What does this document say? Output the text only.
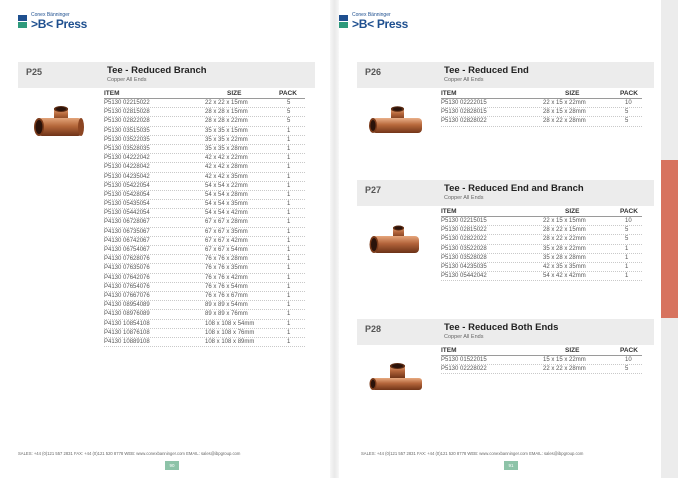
Conex Bänninger
>B< Press
P25	Tee - Reduced Branch
Copper All Ends
ITEM	SIZE	PACK
P5130 02215022	22 x 22 x 15mm	5
P5130 02815028	28 x 28 x 15mm	5
P5130 02822028	28 x 28 x 22mm	5
P5130 03515035	35 x 35 x 15mm	1
P5130 03522035	35 x 35 x 22mm	1
P5130 03528035	35 x 35 x 28mm	1
P5130 04222042	42 x 42 x 22mm	1
P5130 04228042	42 x 42 x 28mm	1
P5130 04235042	42 x 42 x 35mm	1
P5130 05422054	54 x 54 x 22mm	1
P5130 05428054	54 x 54 x 28mm	1
P5130 05435054	54 x 54 x 35mm	1
P5130 05442054	54 x 54 x 42mm	1
P4130 06728067	67 x 67 x 28mm	1
P4130 06735067	67 x 67 x 35mm	1
P4130 06742067	67 x 67 x 42mm	1
P4130 06754067	67 x 67 x 54mm	1
P4130 07628076	76 x 76 x 28mm	1
P4130 07635076	76 x 76 x 35mm	1
P4130 07642076	76 x 76 x 42mm	1
P4130 07654076	76 x 76 x 54mm	1
P4130 07667076	76 x 76 x 67mm	1
P4130 08954089	89 x 89 x 54mm	1
P4130 08976089	89 x 89 x 76mm	1
P4130 10854108	108 x 108 x 54mm	1
P4130 10876108	108 x 108 x 76mm	1
P4130 10889108	108 x 108 x 89mm	1
SALES: +44 (0)121 557 2831 FAX: +44 (0)121 520 8778 WEB: www.conexbanninger.com EMAIL: sales@ibpgroup.com
90
Conex Bänninger
>B< Press
P26	Tee - Reduced End
Copper All Ends
ITEM	SIZE	PACK
P5130 02222015	22 x 15 x 22mm	10
P5130 02828015	28 x 15 x 28mm	5
P5130 02828022	28 x 22 x 28mm	5
P27	Tee - Reduced End and Branch
Copper All Ends
ITEM	SIZE	PACK
P5130 02215015	22 x 15 x 15mm	10
P5130 02815022	28 x 22 x 15mm	5
P5130 02822022	28 x 22 x 22mm	5
P5130 03522028	35 x 28 x 22mm	1
P5130 03528028	35 x 28 x 28mm	1
P5130 04235035	42 x 35 x 35mm	1
P5130 05442042	54 x 42 x 42mm	1
P28	Tee - Reduced Both Ends
Copper All Ends
ITEM	SIZE	PACK
P5130 01522015	15 x 15 x 22mm	10
P5130 02228022	22 x 22 x 28mm	5
SALES: +44 (0)121 557 2831 FAX: +44 (0)121 520 8778 WEB: www.conexbanninger.com EMAIL: sales@ibpgroup.com
91
